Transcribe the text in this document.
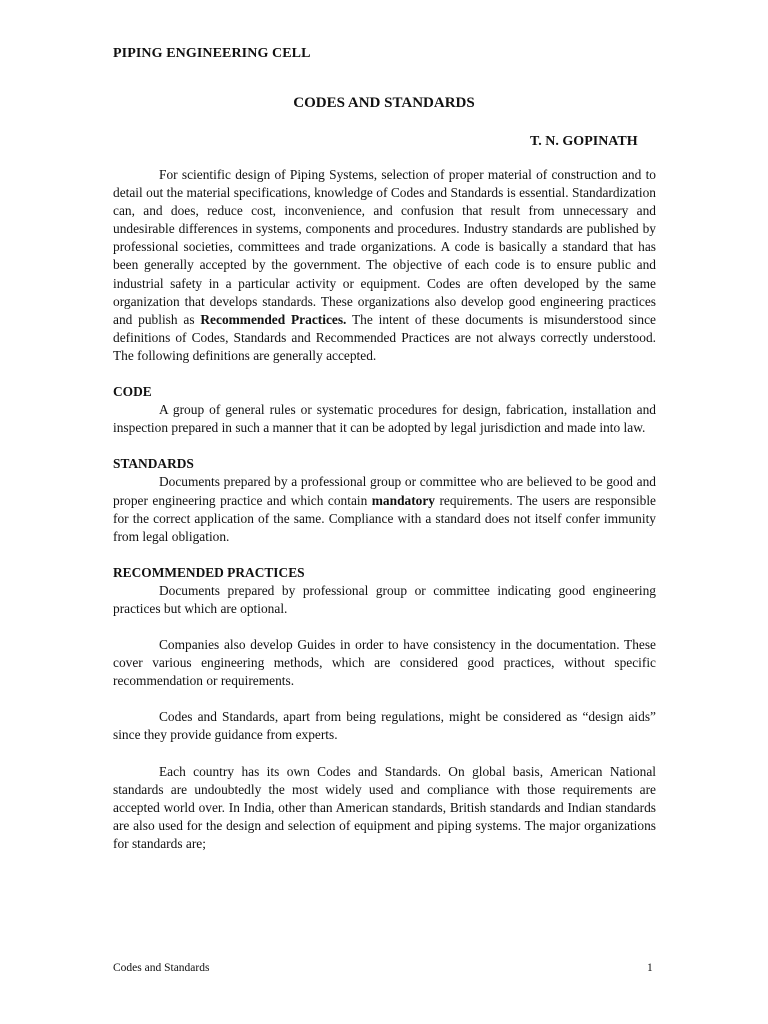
PIPING ENGINEERING CELL
CODES AND STANDARDS
T. N. GOPINATH

For scientific design of Piping Systems, selection of proper material of construction and to detail out the material specifications, knowledge of Codes and Standards is essential. Standardization can, and does, reduce cost, inconvenience, and confusion that result from unnecessary and undesirable differences in systems, components and procedures. Industry standards are published by professional societies, committees and trade organizations. A code is basically a standard that has been generally accepted by the government. The objective of each code is to ensure public and industrial safety in a particular activity or equipment. Codes are often developed by the same organization that develops standards. These organizations also develop good engineering practices and publish as Recommended Practices. The intent of these documents is misunderstood since definitions of Codes, Standards and Recommended Practices are not always correctly understood. The following definitions are generally accepted.

CODE

A group of general rules or systematic procedures for design, fabrication, installation and inspection prepared in such a manner that it can be adopted by legal jurisdiction and made into law.

STANDARDS

Documents prepared by a professional group or committee who are believed to be good and proper engineering practice and which contain mandatory requirements. The users are responsible for the correct application of the same. Compliance with a standard does not itself confer immunity from legal obligation.

RECOMMENDED PRACTICES

Documents prepared by professional group or committee indicating good engineering practices but which are optional.

Companies also develop Guides in order to have consistency in the documentation. These cover various engineering methods, which are considered good practices, without specific recommendation or requirements.

Codes and Standards, apart from being regulations, might be considered as “design aids” since they provide guidance from experts.

Each country has its own Codes and Standards. On global basis, American National standards are undoubtedly the most widely used and compliance with those requirements are accepted world over. In India, other than American standards, British standards and Indian standards are also used for the design and selection of equipment and piping systems. The major organizations for standards are;

Codes and Standards	1
